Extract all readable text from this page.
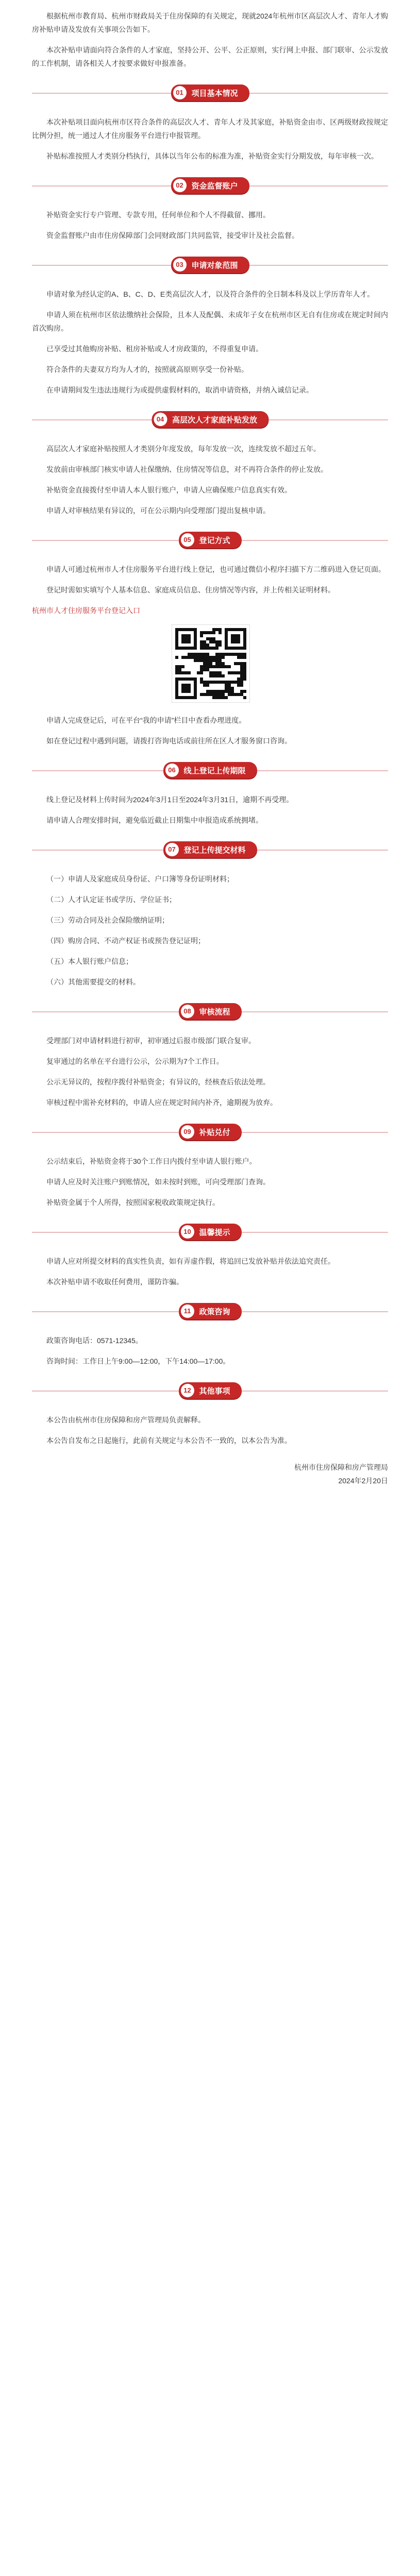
根据杭州市教育局、杭州市财政局关于住房保障的有关规定，现就2024年杭州市区高层次人才、青年人才购房补贴申请及发放有关事项公告如下。

本次补贴申请面向符合条件的人才家庭，坚持公开、公平、公正原则，实行网上申报、部门联审、公示发放的工作机制，请各相关人才按要求做好申报准备。

01	项目基本情况

本次补贴项目面向杭州市区符合条件的高层次人才、青年人才及其家庭，补贴资金由市、区两级财政按规定比例分担，统一通过人才住房服务平台进行申报管理。

补贴标准按照人才类别分档执行，具体以当年公布的标准为准，补贴资金实行分期发放，每年审核一次。

02	资金监督账户

补贴资金实行专户管理、专款专用，任何单位和个人不得截留、挪用。

资金监督账户由市住房保障部门会同财政部门共同监管，接受审计及社会监督。

03	申请对象范围

申请对象为经认定的A、B、C、D、E类高层次人才，以及符合条件的全日制本科及以上学历青年人才。

申请人须在杭州市区依法缴纳社会保险，且本人及配偶、未成年子女在杭州市区无自有住房或在规定时间内首次购房。

已享受过其他购房补贴、租房补贴或人才房政策的，不得重复申请。

符合条件的夫妻双方均为人才的，按照就高原则享受一份补贴。

在申请期间发生违法违规行为或提供虚假材料的，取消申请资格，并纳入诚信记录。

04	高层次人才家庭补贴发放

高层次人才家庭补贴按照人才类别分年度发放，每年发放一次，连续发放不超过五年。

发放前由审核部门核实申请人社保缴纳、住房情况等信息，对不再符合条件的停止发放。

补贴资金直接拨付至申请人本人银行账户，申请人应确保账户信息真实有效。

申请人对审核结果有异议的，可在公示期内向受理部门提出复核申请。

05	登记方式

申请人可通过杭州市人才住房服务平台进行线上登记，也可通过微信小程序扫描下方二维码进入登记页面。

登记时需如实填写个人基本信息、家庭成员信息、住房情况等内容，并上传相关证明材料。

杭州市人才住房服务平台登记入口

申请人完成登记后，可在平台“我的申请”栏目中查看办理进度。

如在登记过程中遇到问题，请拨打咨询电话或前往所在区人才服务窗口咨询。

06	线上登记上传期限

线上登记及材料上传时间为2024年3月1日至2024年3月31日，逾期不再受理。

请申请人合理安排时间，避免临近截止日期集中申报造成系统拥堵。

07	登记上传提交材料

（一）申请人及家庭成员身份证、户口簿等身份证明材料；

（二）人才认定证书或学历、学位证书；

（三）劳动合同及社会保险缴纳证明；

（四）购房合同、不动产权证书或预告登记证明；

（五）本人银行账户信息；

（六）其他需要提交的材料。

08	审核流程

受理部门对申请材料进行初审，初审通过后报市级部门联合复审。

复审通过的名单在平台进行公示，公示期为7个工作日。

公示无异议的，按程序拨付补贴资金；有异议的，经核查后依法处理。

审核过程中需补充材料的，申请人应在规定时间内补齐，逾期视为放弃。

09	补贴兑付

公示结束后，补贴资金将于30个工作日内拨付至申请人银行账户。

申请人应及时关注账户到账情况，如未按时到账，可向受理部门查询。

补贴资金属于个人所得，按照国家税收政策规定执行。

10	温馨提示

申请人应对所提交材料的真实性负责，如有弄虚作假，将追回已发放补贴并依法追究责任。

本次补贴申请不收取任何费用，谨防诈骗。

11	政策咨询

政策咨询电话：0571-12345。

咨询时间：工作日上午9:00—12:00，下午14:00—17:00。

12	其他事项

本公告由杭州市住房保障和房产管理局负责解释。

本公告自发布之日起施行，此前有关规定与本公告不一致的，以本公告为准。

杭州市住房保障和房产管理局
2024年2月20日
